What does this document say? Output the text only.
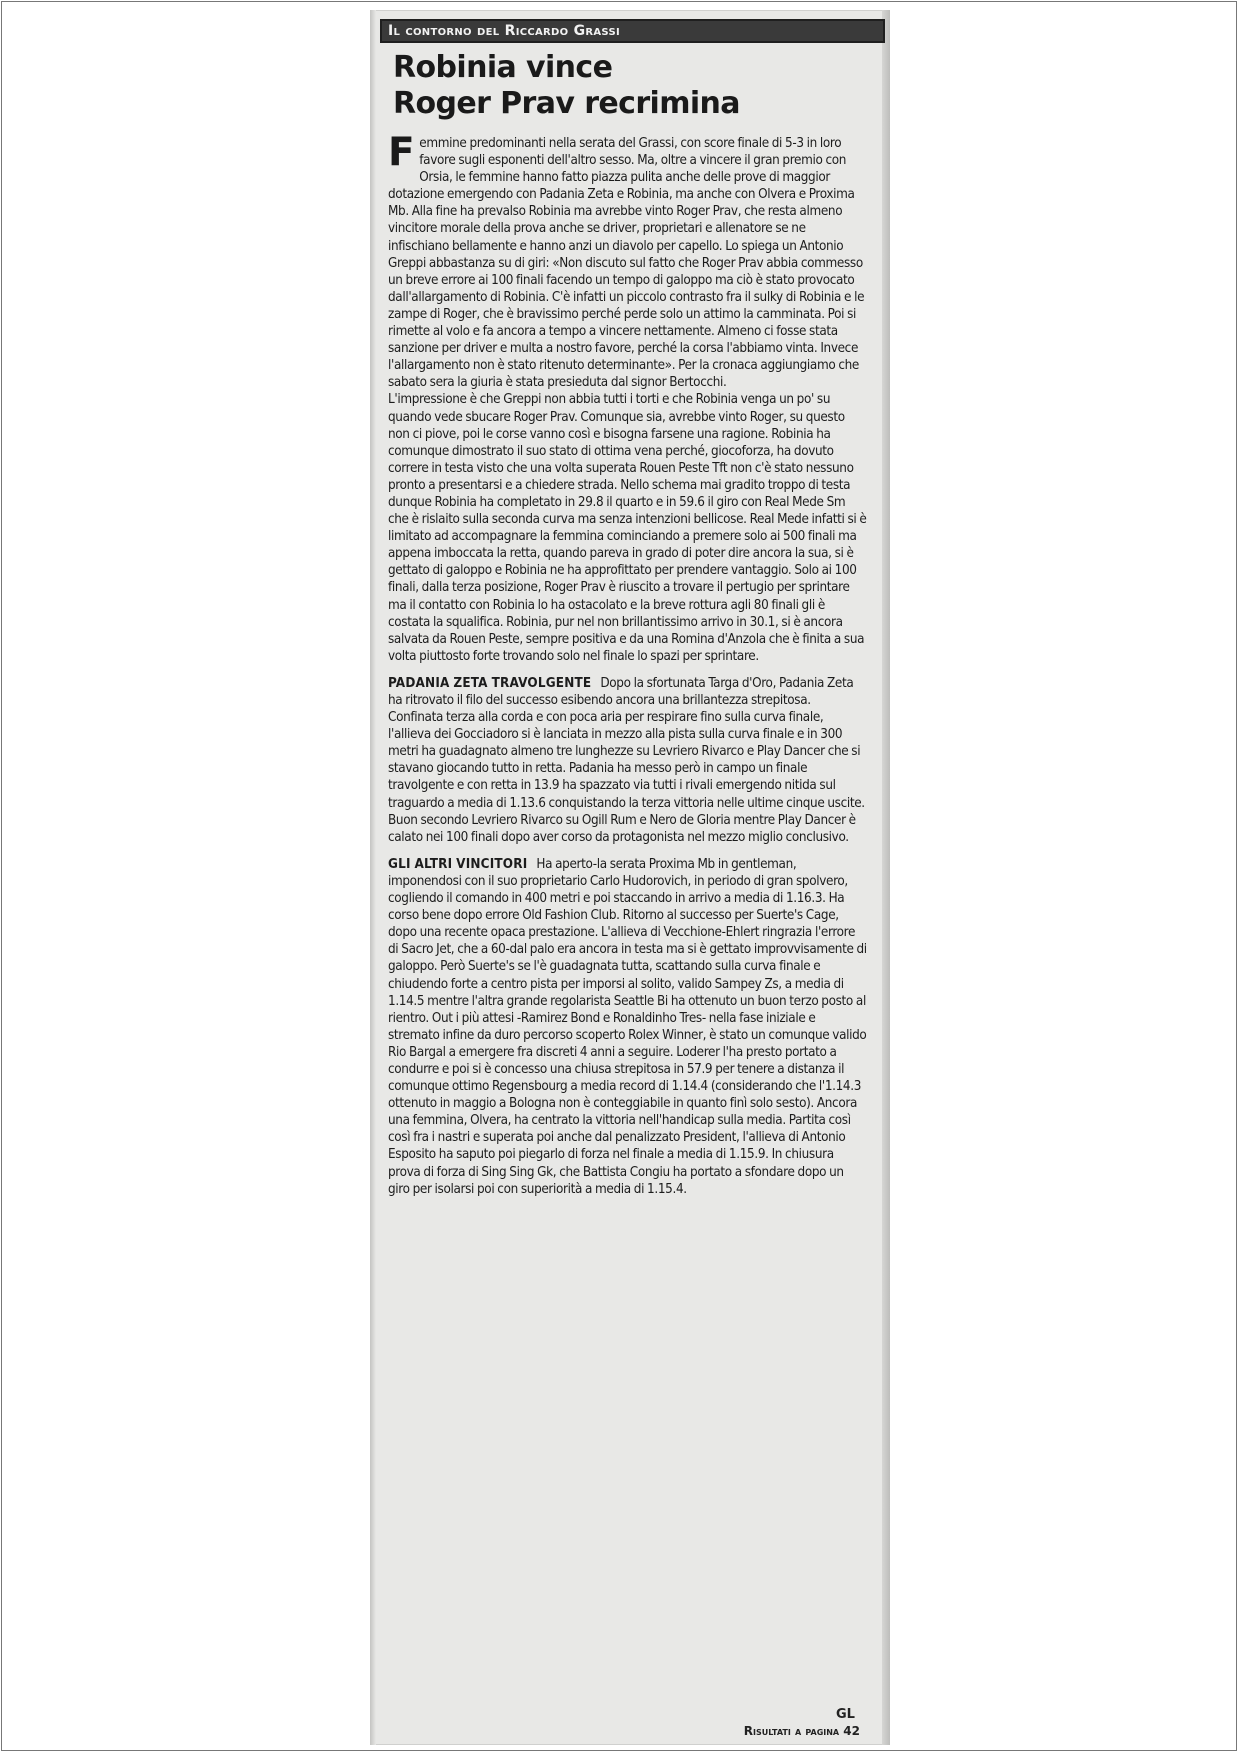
Il contorno del Riccardo Grassi
Robinia vince
Roger Prav recrimina

Femmine predominanti nella serata del Grassi, con score finale di 5-3 in loro favore sugli esponenti dell'altro sesso. Ma, oltre a vincere il gran premio con Orsia, le femmine hanno fatto piazza pulita anche delle prove di maggior dotazione emergendo con Padania Zeta e Robinia, ma anche con Olvera e Proxima Mb. Alla fine ha prevalso Robinia ma avrebbe vinto Roger Prav, che resta almeno vincitore morale della prova anche se driver, proprietari e allenatore se ne infischiano bellamente e hanno anzi un diavolo per capello. Lo spiega un Antonio Greppi abbastanza su di giri: «Non discuto sul fatto che Roger Prav abbia commesso un breve errore ai 100 finali facendo un tempo di galoppo ma ciò è stato provocato dall'allargamento di Robinia. C'è infatti un piccolo contrasto fra il sulky di Robinia e le zampe di Roger, che è bravissimo perché perde solo un attimo la camminata. Poi si rimette al volo e fa ancora a tempo a vincere nettamente. Almeno ci fosse stata sanzione per driver e multa a nostro favore, perché la corsa l'abbiamo vinta. Invece l'allargamento non è stato ritenuto determinante». Per la cronaca aggiungiamo che sabato sera la giuria è stata presieduta dal signor Bertocchi.

L'impressione è che Greppi non abbia tutti i torti e che Robinia venga un po' su quando vede sbucare Roger Prav. Comunque sia, avrebbe vinto Roger, su questo non ci piove, poi le corse vanno così e bisogna farsene una ragione. Robinia ha comunque dimostrato il suo stato di ottima vena perché, giocoforza, ha dovuto correre in testa visto che una volta superata Rouen Peste Tft non c'è stato nessuno pronto a presentarsi e a chiedere strada. Nello schema mai gradito troppo di testa dunque Robinia ha completato in 29.8 il quarto e in 59.6 il giro con Real Mede Sm che è rislaito sulla seconda curva ma senza intenzioni bellicose. Real Mede infatti si è limitato ad accompagnare la femmina cominciando a premere solo ai 500 finali ma appena imboccata la retta, quando pareva in grado di poter dire ancora la sua, si è gettato di galoppo e Robinia ne ha approfittato per prendere vantaggio. Solo ai 100 finali, dalla terza posizione, Roger Prav è riuscito a trovare il pertugio per sprintare ma il contatto con Robinia lo ha ostacolato e la breve rottura agli 80 finali gli è costata la squalifica. Robinia, pur nel non brillantissimo arrivo in 30.1, si è ancora salvata da Rouen Peste, sempre positiva e da una Romina d'Anzola che è finita a sua volta piuttosto forte trovando solo nel finale lo spazi per sprintare.

PADANIA ZETA TRAVOLGENTE Dopo la sfortunata Targa d'Oro, Padania Zeta ha ritrovato il filo del successo esibendo ancora una brillantezza strepitosa. Confinata terza alla corda e con poca aria per respirare fino sulla curva finale, l'allieva dei Gocciadoro si è lanciata in mezzo alla pista sulla curva finale e in 300 metri ha guadagnato almeno tre lunghezze su Levriero Rivarco e Play Dancer che si stavano giocando tutto in retta. Padania ha messo però in campo un finale travolgente e con retta in 13.9 ha spazzato via tutti i rivali emergendo nitida sul traguardo a media di 1.13.6 conquistando la terza vittoria nelle ultime cinque uscite. Buon secondo Levriero Rivarco su Ogill Rum e Nero de Gloria mentre Play Dancer è calato nei 100 finali dopo aver corso da protagonista nel mezzo miglio conclusivo.

GLI ALTRI VINCITORI Ha aperto-la serata Proxima Mb in gentleman, imponendosi con il suo proprietario Carlo Hudorovich, in periodo di gran spolvero, cogliendo il comando in 400 metri e poi staccando in arrivo a media di 1.16.3. Ha corso bene dopo errore Old Fashion Club. Ritorno al successo per Suerte's Cage, dopo una recente opaca prestazione. L'allieva di Vecchione-Ehlert ringrazia l'errore di Sacro Jet, che a 60-dal palo era ancora in testa ma si è gettato improvvisamente di galoppo. Però Suerte's se l'è guadagnata tutta, scattando sulla curva finale e chiudendo forte a centro pista per imporsi al solito, valido Sampey Zs, a media di 1.14.5 mentre l'altra grande regolarista Seattle Bi ha ottenuto un buon terzo posto al rientro. Out i più attesi -Ramirez Bond e Ronaldinho Tres- nella fase iniziale e stremato infine da duro percorso scoperto Rolex Winner, è stato un comunque valido Rio Bargal a emergere fra discreti 4 anni a seguire. Loderer l'ha presto portato a condurre e poi si è concesso una chiusa strepitosa in 57.9 per tenere a distanza il comunque ottimo Regensbourg a media record di 1.14.4 (considerando che l'1.14.3 ottenuto in maggio a Bologna non è conteggiabile in quanto finì solo sesto). Ancora una femmina, Olvera, ha centrato la vittoria nell'handicap sulla media. Partita così così fra i nastri e superata poi anche dal penalizzato President, l'allieva di Antonio Esposito ha saputo poi piegarlo di forza nel finale a media di 1.15.9. In chiusura prova di forza di Sing Sing Gk, che Battista Congiu ha portato a sfondare dopo un giro per isolarsi poi con superiorità a media di 1.15.4.

GL
Risultati a pagina 42
